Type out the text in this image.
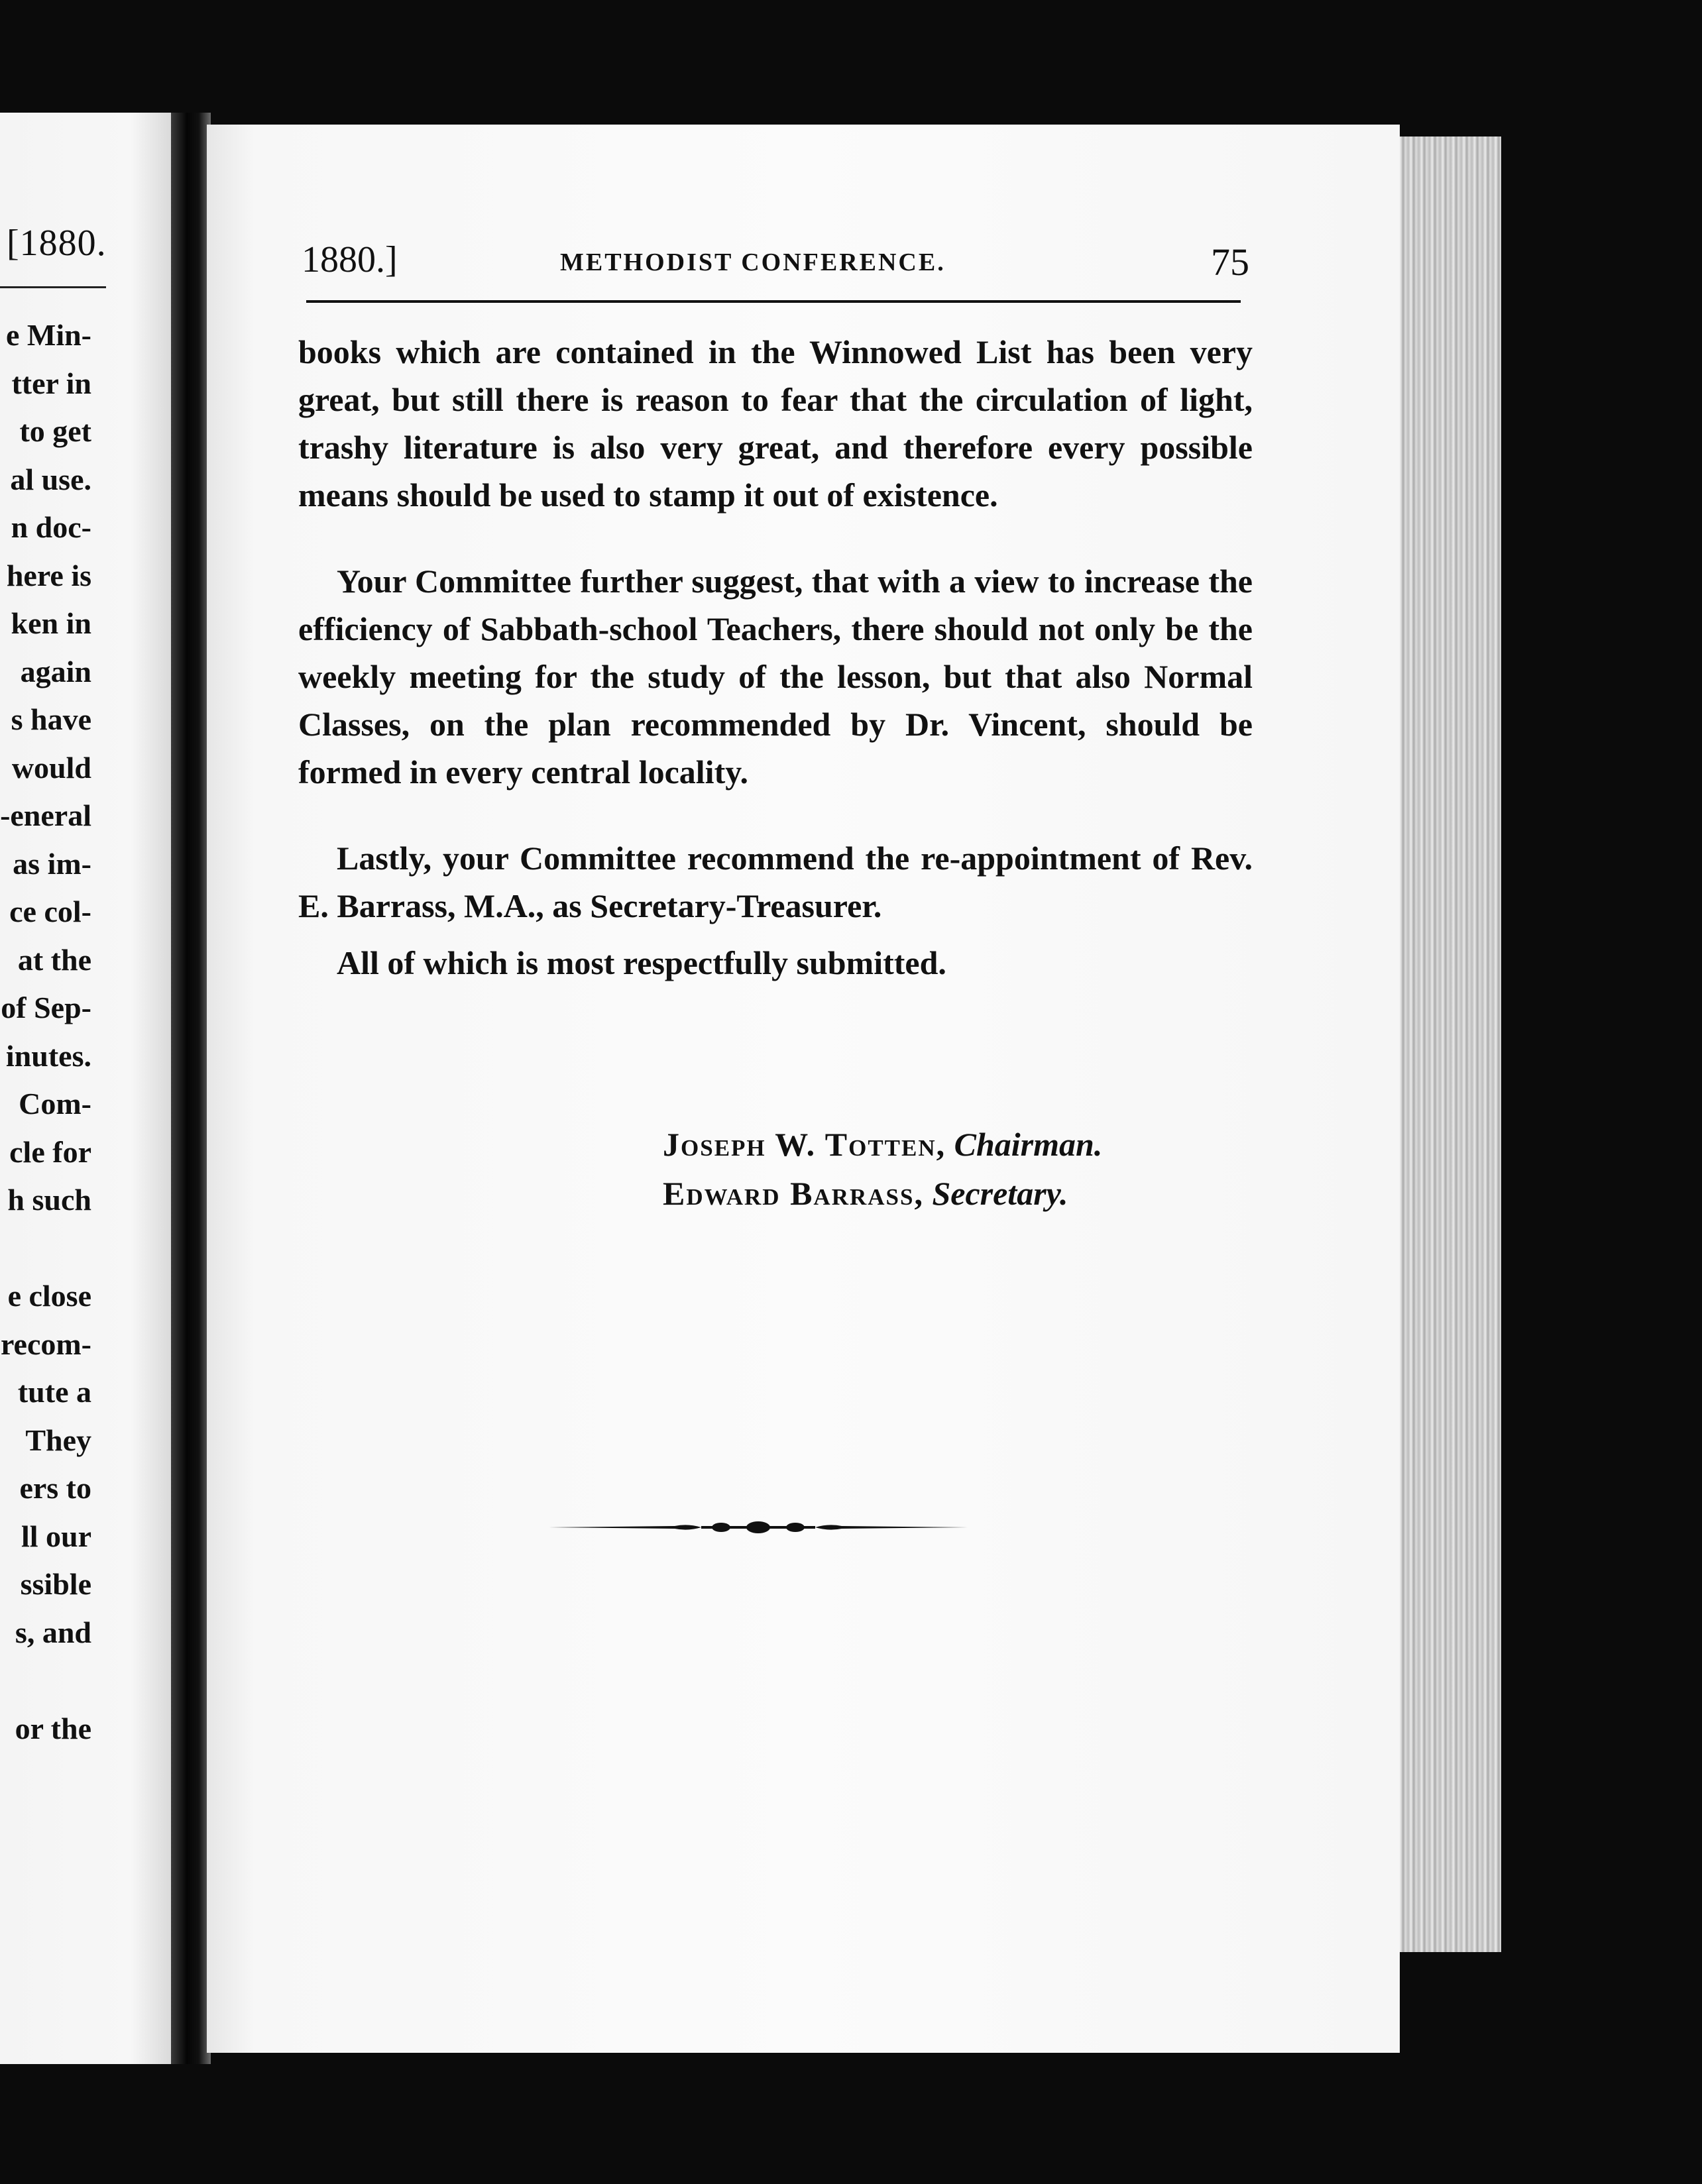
[1880.
e Min-
tter in
to get
al use.
n doc-
here is
ken in
again
s have
would
-eneral
as im-
ce col-
at the
of Sep-
inutes.
Com-
cle for
h such

e close
recom-
tute a
They
ers to
ll our
ssible
s, and

or the
1880.]	METHODIST CONFERENCE.	75

books which are contained in the Winnowed List has been very great, but still there is reason to fear that the circulation of light, trashy literature is also very great, and therefore every possible means should be used to stamp it out of existence.

Your Committee further suggest, that with a view to increase the efficiency of Sabbath-school Teachers, there should not only be the weekly meeting for the study of the lesson, but that also Normal Classes, on the plan recommended by Dr. Vincent, should be formed in every central locality.

Lastly, your Committee recommend the re-appointment of Rev. E. Barrass, M.A., as Secretary-Treasurer.

All of which is most respectfully submitted.

Joseph W. Totten, Chairman.
Edward Barrass, Secretary.
